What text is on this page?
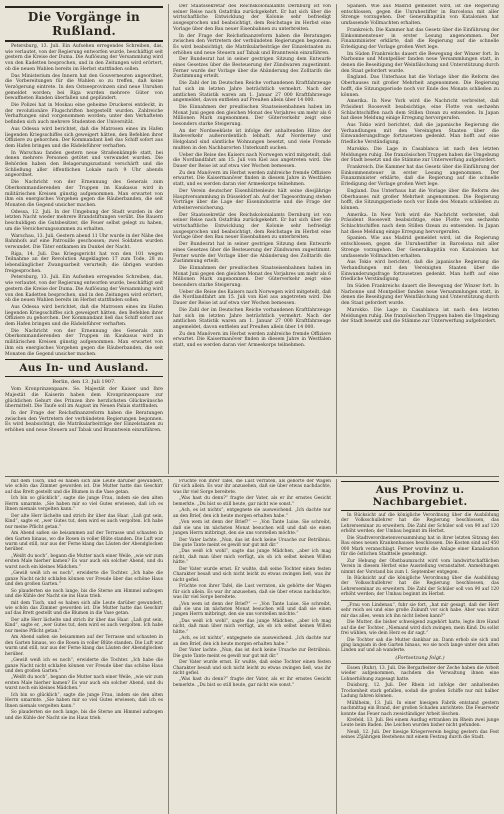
Die Vorgänge in Rußland.

Petersburg, 13. Juli. Ein Aufsehen erregendes Schreiben, das, wie verlautet, von der Regierung entworfen wurde, beschäftigt seit gestern die Kreise der Duma. Die Auflösung der Versammlung wird von den Kadetten besprochen, und in den Zeitungen wird erörtert, ob die neuen Wahlen bereits im Herbst stattfinden sollen.

Das Ministerium des Innern hat den Gouverneuren angeordnet, die Vorbereitungen für die Wahlen so zu treffen, daß keine Verzögerung eintrete. In den Ostseeprovinzen sind neue Unruhen gemeldet worden; bei Riga wurden mehrere Güter von bewaffneten Banden überfallen und geplündert.

Die Polizei hat in Moskau eine geheime Druckerei entdeckt, in der revolutionäre Flugschriften hergestellt wurden. Zahlreiche Verhaftungen sind vorgenommen worden; unter den Verhafteten befinden sich auch mehrere Studenten der Universität.

Aus Odessa wird berichtet, daß die Matrosen eines im Hafen liegenden Kriegsschiffes sich geweigert hätten, den Befehlen ihrer Offiziere zu gehorchen. Der Kommandant ließ das Schiff sofort aus dem Hafen bringen und die Rädelsführer verhaften.

In Warschau fanden gestern neue Straßenkämpfe statt, bei denen mehrere Personen getötet und verwundet wurden. Die Behörden haben den Belagerungszustand verschärft und die Schließung aller öffentlichen Lokale nach 9 Uhr abends angeordnet.

Die Nachricht von der Ernennung des Generals zum Oberkommandierenden der Truppen im Kaukasus wird in militärischen Kreisen günstig aufgenommen. Man erwartet von ihm ein energisches Vorgehen gegen die Räuberbanden, die seit Monaten die Gegend unsicher machen.

Odessa, 12. Juli. In der Umgebung der Stadt wurden in der letzten Nacht wieder mehrere Brandstiftungen verübt. Die Bauern beschuldigen die Gutsbesitzer, die Feuer selbst gelegt zu haben, um die Versicherungssummen zu erhalten.

Warschau, 13. Juli. Gestern abend 11 Uhr wurde in der Nähe des Bahnhofs auf eine Patrouille geschossen; zwei Soldaten wurden verwundet. Die Täter entkamen im Dunkel der Nacht.

Riga, 14. Juli. Das Kriegsgericht hat von den 101 wegen Teilnahme an der Revolution Angeklagten 17 zum Tode, 28 zu lebenslänglicher Zwangsarbeit verurteilt; die übrigen wurden freigesprochen.

Petersburg, 13. Juli. Ein Aufsehen erregendes Schreiben, das, wie verlautet, von der Regierung entworfen wurde, beschäftigt seit gestern die Kreise der Duma. Die Auflösung der Versammlung wird von den Kadetten besprochen, und in den Zeitungen wird erörtert, ob die neuen Wahlen bereits im Herbst stattfinden sollen.

Aus Odessa wird berichtet, daß die Matrosen eines im Hafen liegenden Kriegsschiffes sich geweigert hätten, den Befehlen ihrer Offiziere zu gehorchen. Der Kommandant ließ das Schiff sofort aus dem Hafen bringen und die Rädelsführer verhaften.

Die Nachricht von der Ernennung des Generals zum Oberkommandierenden der Truppen im Kaukasus wird in militärischen Kreisen günstig aufgenommen. Man erwartet von ihm ein energisches Vorgehen gegen die Räuberbanden, die seit Monaten die Gegend unsicher machen.

Aus In- und Ausland.
Berlin, den 13. Juli 1907.

Vom Kronprinzenpaare. Se. Majestät der Kaiser und Ihre Majestät die Kaiserin haben dem Kronprinzenpaare zur glücklichen Geburt des Prinzen ihre herzlichsten Glückwünsche übermittelt. Die Taufe soll im August im Neuen Palais stattfinden.

In der Frage der Reichsfinanzreform haben die Beratungen zwischen den Vertretern der verbündeten Regierungen begonnen. Es wird beabsichtigt, die Matrikularbeiträge der Einzelstaaten zu erhöhen und neue Steuern auf Tabak und Branntwein einzuführen.

Der Staatssekretär des Reichskolonialamts Dernburg ist von seiner Reise nach Ostafrika zurückgekehrt. Er hat sich über die wirtschaftliche Entwicklung der Kolonie sehr befriedigt ausgesprochen und beabsichtigt, dem Reichstage im Herbst eine Vorlage über den Bau neuer Eisenbahnen zu unterbreiten.

In der Frage der Reichsfinanzreform haben die Beratungen zwischen den Vertretern der verbündeten Regierungen begonnen. Es wird beabsichtigt, die Matrikularbeiträge der Einzelstaaten zu erhöhen und neue Steuern auf Tabak und Branntwein einzuführen.

Der Bundesrat hat in seiner gestrigen Sitzung dem Entwurfe eines Gesetzes über die Besteuerung der Zündwaren zugestimmt. Ferner wurde der Vorlage über die Abänderung des Zolltarifs die Zustimmung erteilt.

Die Zahl der im Deutschen Reiche vorhandenen Kraftfahrzeuge hat sich im letzten Jahre beträchtlich vermehrt. Nach der amtlichen Statistik waren am 1. Januar 27 000 Kraftfahrzeuge angemeldet, davon entfielen auf Preußen allein über 14 000.

Die Einnahmen der preußischen Staatseisenbahnen haben im Monat Juni gegen den gleichen Monat des Vorjahres um mehr als 6 Millionen Mark zugenommen. Der Güterverkehr zeigt eine besonders starke Steigerung.

An der Nordseeküste ist infolge der anhaltenden Hitze der Badeverkehr außerordentlich lebhaft. Auf Norderney und Helgoland sind sämtliche Wohnungen besetzt, und viele Fremde mußten in den Nachbarorten Unterkunft suchen.

Ueber die Reise des Kaisers nach Norwegen wird mitgeteilt, daß die Nordlandfahrt am 15. Juli von Kiel aus angetreten wird. Die Dauer der Reise ist auf etwa vier Wochen bemessen.

Zu den Manövern im Herbst werden zahlreiche fremde Offiziere erwartet. Die Kaisermanöver finden in diesem Jahre in Westfalen statt, und es werden daran vier Armeekorps teilnehmen.

Der Verein deutscher Eisenhüttenleute hält seine diesjährige Hauptversammlung in Düsseldorf ab. Auf der Tagesordnung stehen Vorträge über die Lage der Eisenindustrie und die Frage der Arbeiterversicherung.

Der Staatssekretär des Reichskolonialamts Dernburg ist von seiner Reise nach Ostafrika zurückgekehrt. Er hat sich über die wirtschaftliche Entwicklung der Kolonie sehr befriedigt ausgesprochen und beabsichtigt, dem Reichstage im Herbst eine Vorlage über den Bau neuer Eisenbahnen zu unterbreiten.

Der Bundesrat hat in seiner gestrigen Sitzung dem Entwurfe eines Gesetzes über die Besteuerung der Zündwaren zugestimmt. Ferner wurde der Vorlage über die Abänderung des Zolltarifs die Zustimmung erteilt.

Die Einnahmen der preußischen Staatseisenbahnen haben im Monat Juni gegen den gleichen Monat des Vorjahres um mehr als 6 Millionen Mark zugenommen. Der Güterverkehr zeigt eine besonders starke Steigerung.

Ueber die Reise des Kaisers nach Norwegen wird mitgeteilt, daß die Nordlandfahrt am 15. Juli von Kiel aus angetreten wird. Die Dauer der Reise ist auf etwa vier Wochen bemessen.

Die Zahl der im Deutschen Reiche vorhandenen Kraftfahrzeuge hat sich im letzten Jahre beträchtlich vermehrt. Nach der amtlichen Statistik waren am 1. Januar 27 000 Kraftfahrzeuge angemeldet, davon entfielen auf Preußen allein über 14 000.

Zu den Manövern im Herbst werden zahlreiche fremde Offiziere erwartet. Die Kaisermanöver finden in diesem Jahre in Westfalen statt, und es werden daran vier Armeekorps teilnehmen.

Spanien. Wie aus Madrid gemeldet wird, ist die Regierung entschlossen, gegen die Unruhestifter in Barcelona mit aller Strenge vorzugehen. Der Generalkapitän von Katalonien hat umfassende Vollmachten erhalten.

Frankreich. Die Kammer hat das Gesetz über die Einführung der Einkommensteuer in erster Lesung angenommen. Der Finanzminister erklärte, daß die Regierung auf die schnelle Erledigung der Vorlage großen Wert lege.

Im Süden Frankreichs dauert die Bewegung der Winzer fort. In Narbonne und Montpellier fanden neue Versammlungen statt, in denen die Beseitigung der Weinfälschung und Unterstützung durch den Staat gefordert wurde.

England. Das Unterhaus hat die Vorlage über die Reform des Oberhauses mit großer Mehrheit angenommen. Die Regierung hofft, die Sitzungsperiode noch vor Ende des Monats schließen zu können.

Amerika. In New York wird die Nachricht verbreitet, daß Präsident Roosevelt beabsichtige, eine Flotte von sechzehn Schlachtschiffen nach dem Stillen Ozean zu entsenden. In Japan hat diese Meldung einige Erregung hervorgerufen.

Aus Tokio wird berichtet, daß die japanische Regierung die Verhandlungen mit den Vereinigten Staaten über die Einwanderungsfrage fortzusetzen gedenkt. Man hofft auf eine friedliche Verständigung.

Marokko. Die Lage in Casablanca ist nach den letzten Meldungen ruhig. Die französischen Truppen haben die Umgebung der Stadt besetzt und die Stämme zur Unterwerfung aufgefordert.

Frankreich. Die Kammer hat das Gesetz über die Einführung der Einkommensteuer in erster Lesung angenommen. Der Finanzminister erklärte, daß die Regierung auf die schnelle Erledigung der Vorlage großen Wert lege.

England. Das Unterhaus hat die Vorlage über die Reform des Oberhauses mit großer Mehrheit angenommen. Die Regierung hofft, die Sitzungsperiode noch vor Ende des Monats schließen zu können.

Amerika. In New York wird die Nachricht verbreitet, daß Präsident Roosevelt beabsichtige, eine Flotte von sechzehn Schlachtschiffen nach dem Stillen Ozean zu entsenden. In Japan hat diese Meldung einige Erregung hervorgerufen.

Spanien. Wie aus Madrid gemeldet wird, ist die Regierung entschlossen, gegen die Unruhestifter in Barcelona mit aller Strenge vorzugehen. Der Generalkapitän von Katalonien hat umfassende Vollmachten erhalten.

Aus Tokio wird berichtet, daß die japanische Regierung die Verhandlungen mit den Vereinigten Staaten über die Einwanderungsfrage fortzusetzen gedenkt. Man hofft auf eine friedliche Verständigung.

Im Süden Frankreichs dauert die Bewegung der Winzer fort. In Narbonne und Montpellier fanden neue Versammlungen statt, in denen die Beseitigung der Weinfälschung und Unterstützung durch den Staat gefordert wurde.

Marokko. Die Lage in Casablanca ist nach den letzten Meldungen ruhig. Die französischen Truppen haben die Umgebung der Stadt besetzt und die Stämme zur Unterwerfung aufgefordert.

mit dem Tisch, und es haben sich alle Leute darüber gewundert, wie schön das Zimmer geworden ist. Die Mutter hatte das Geschirr auf das Brett gestellt und die Blumen in die Vase getan.

Ich bin so glücklich“, sagte die junge Frau, indem sie den alten Herrn umarmte. „Sie haben mir so viel Gutes erwiesen, daß ich es Ihnen niemals vergelten kann.“

Der alte Herr lächelte und strich ihr über das Haar. „Laß gut sein, Kind“, sagte er, „wer Gutes tut, dem wird es auch vergolten. Ich habe nur meine Pflicht getan.“

Am Abend saßen sie beisammen auf der Terrasse und schauten in den Garten hinaus, wo die Rosen in voller Blüte standen. Die Luft war warm und still, nur aus der Ferne klang das Läuten der Abendglocken herüber.

„Weißt du noch“, begann die Mutter nach einer Weile, „wie wir zum ersten Male hierher kamen? Es war auch ein solcher Abend, und du warst noch ein kleines Mädchen.“

„Gewiß weiß ich es noch“, erwiderte die Tochter. „Ich habe die ganze Nacht nicht schlafen können vor Freude über das schöne Haus und den großen Garten.“

So plauderten sie noch lange, bis die Sterne am Himmel aufzogen und die Kühle der Nacht sie ins Haus trieb.

mit dem Tisch, und es haben sich alle Leute darüber gewundert, wie schön das Zimmer geworden ist. Die Mutter hatte das Geschirr auf das Brett gestellt und die Blumen in die Vase getan.

Der alte Herr lächelte und strich ihr über das Haar. „Laß gut sein, Kind“, sagte er, „wer Gutes tut, dem wird es auch vergolten. Ich habe nur meine Pflicht getan.“

Am Abend saßen sie beisammen auf der Terrasse und schauten in den Garten hinaus, wo die Rosen in voller Blüte standen. Die Luft war warm und still, nur aus der Ferne klang das Läuten der Abendglocken herüber.

„Gewiß weiß ich es noch“, erwiderte die Tochter. „Ich habe die ganze Nacht nicht schlafen können vor Freude über das schöne Haus und den großen Garten.“

„Weißt du noch“, begann die Mutter nach einer Weile, „wie wir zum ersten Male hierher kamen? Es war auch ein solcher Abend, und du warst noch ein kleines Mädchen.“

Ich bin so glücklich“, sagte die junge Frau, indem sie den alten Herrn umarmte. „Sie haben mir so viel Gutes erwiesen, daß ich es Ihnen niemals vergelten kann.“

So plauderten sie noch lange, bis die Sterne am Himmel aufzogen und die Kühle der Nacht sie ins Haus trieb.

Früchte von ihrer Tafel, die Lust verraten, als gehörte der Wagen für sich allein. Es war ihr anzusehen, daß sie über etwas nachdachte, was ihr viel Sorge bereitete.

„Was hast du denn?“ fragte der Vater, als er ihr ernstes Gesicht bemerkte. „Du bist so still heute, gar nicht wie sonst.“

„Ach, es ist nichts“, entgegnete sie ausweichend. „Ich dachte nur an den Brief, den ich heute morgen erhalten habe.“

„Von wem ist denn der Brief?“ — „Von Tante Luise. Sie schreibt, daß sie uns im nächsten Monat besuchen will und daß sie einen jungen Herrn mitbringt, den sie uns vorstellen möchte.“

Der Vater lachte. „Nun, das ist doch keine Ursache zur Betrübnis. Die gute Tante meint es gewiß nur gut mit dir.“

„Das weiß ich wohl“, sagte das junge Mädchen, „aber ich mag nicht, daß man über mich verfügt, als ob ich selbst keinen Willen hätte.“

Der Vater wurde ernst. Er wußte, daß seine Tochter einen festen Charakter besaß und sich nicht leicht zu etwas zwingen ließ, was ihr nicht gefiel.

Früchte von ihrer Tafel, die Lust verraten, als gehörte der Wagen für sich allein. Es war ihr anzusehen, daß sie über etwas nachdachte, was ihr viel Sorge bereitete.

„Von wem ist denn der Brief?“ — „Von Tante Luise. Sie schreibt, daß sie uns im nächsten Monat besuchen will und daß sie einen jungen Herrn mitbringt, den sie uns vorstellen möchte.“

„Das weiß ich wohl“, sagte das junge Mädchen, „aber ich mag nicht, daß man über mich verfügt, als ob ich selbst keinen Willen hätte.“

„Ach, es ist nichts“, entgegnete sie ausweichend. „Ich dachte nur an den Brief, den ich heute morgen erhalten habe.“

Der Vater lachte. „Nun, das ist doch keine Ursache zur Betrübnis. Die gute Tante meint es gewiß nur gut mit dir.“

Der Vater wurde ernst. Er wußte, daß seine Tochter einen festen Charakter besaß und sich nicht leicht zu etwas zwingen ließ, was ihr nicht gefiel.

„Was hast du denn?“ fragte der Vater, als er ihr ernstes Gesicht bemerkte. „Du bist so still heute, gar nicht wie sonst.“

Aus Provinz u. Nachbargebiet.

In Rücksicht auf die königliche Verordnung über die Ausbildung der Volksschullehrer hat die Regierung beschlossen, das Lehrerseminar zu erweitern. Die Zahl der Schüler soll von 90 auf 120 erhöht werden; der Umbau beginnt im Herbst.

Die Stadtverordnetenversammlung hat in ihrer letzten Sitzung den Bau eines neuen Krankenhauses beschlossen. Die Kosten sind auf 450 000 Mark veranschlagt. Ferner wurde die Anlage einer Kanalisation für die östlichen Stadtteile genehmigt.

Zur Hebung der Obstbaumzucht wird vom landwirtschaftlichen Verein in diesem Herbst eine Ausstellung veranstaltet. Anmeldungen nimmt der Vorstand bis zum 1. September entgegen.

In Rücksicht auf die königliche Verordnung über die Ausbildung der Volksschullehrer hat die Regierung beschlossen, das Lehrerseminar zu erweitern. Die Zahl der Schüler soll von 90 auf 120 erhöht werden; der Umbau beginnt im Herbst.

„Frau von Lindenau“, fuhr sie fort, „hat mir gesagt, daß der Herr sehr reich sei und eine große Zukunft vor sich habe. Aber was nützt mir das alles, wenn ich ihn nicht lieben kann?“

Die Mutter, die bisher schweigend zugehört hatte, legte ihre Hand auf die der Tochter. „Niemand wird dich zwingen, mein Kind. Du sollst frei wählen, wie dein Herz es dir sagt.“

Die Tochter sah die Mutter dankbar an. Dann erhob sie sich und ging langsam in den Garten hinaus, wo sie noch lange unter den alten Linden auf und ab wanderte.

(Fortsetzung folgt.)

Essen (Ruhr), 13. Juli. Die Bergarbeiter der Zeche haben die Arbeit wieder aufgenommen, nachdem die Verwaltung ihnen eine Lohnerhöhung zugesagt hatte.

Duisburg, 12. Juli. Der Rhein ist infolge der anhaltenden Trockenheit stark gefallen, sodaß die großen Schiffe nur mit halber Ladung fahren können.

Mühlheim, 13. Juli. In einer hiesigen Fabrik entstand gestern nachmittag ein Brand, der großen Schaden anrichtete. Die Feuerwehr konnte das Feuer nach zweistündiger Arbeit löschen.

Krefeld, 13. Juli. Bei einem Ausflug ertranken im Rhein zwei junge Leute beim Baden. Die Leichen wurden bisher nicht gefunden.

Neuß, 12. Juli. Der hiesige Kriegerverein beging gestern das Fest seines 25jährigen Bestehens mit einem Festzug durch die Stadt.
